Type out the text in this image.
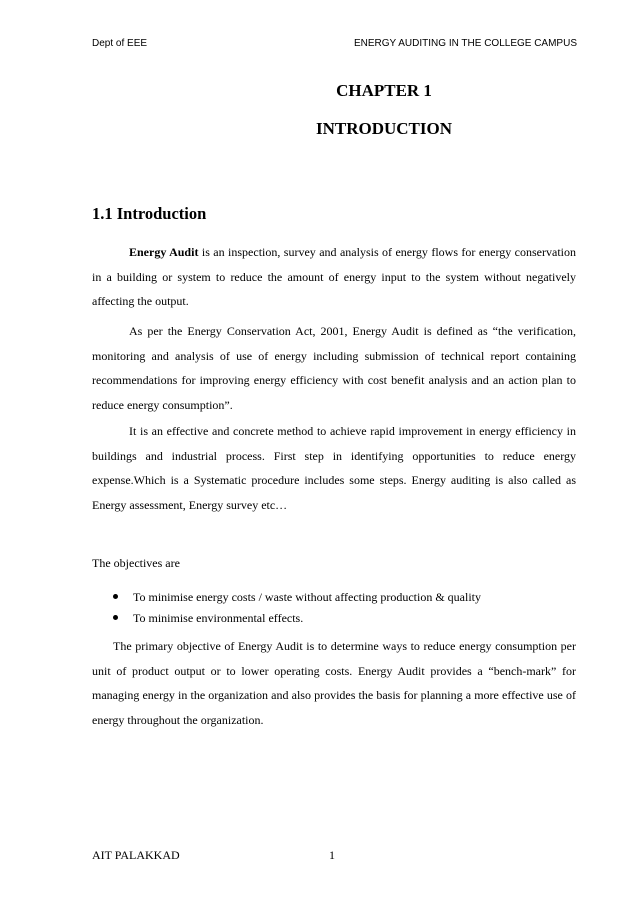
Dept of EEE	ENERGY AUDITING IN THE COLLEGE CAMPUS
CHAPTER 1
INTRODUCTION
1.1 Introduction

Energy Audit is an inspection, survey and analysis of energy flows for energy conservation in a building or system to reduce the amount of energy input to the system without negatively affecting the output.

As per the Energy Conservation Act, 2001, Energy Audit is defined as “the verification, monitoring and analysis of use of energy including submission of technical report containing recommendations for improving energy efficiency with cost benefit analysis and an action plan to reduce energy consumption”.

It is an effective and concrete method to achieve rapid improvement in energy efficiency in buildings and industrial process. First step in identifying opportunities to reduce energy expense.Which is a Systematic procedure includes some steps. Energy auditing is also called as Energy assessment, Energy survey etc…

The objectives are
To minimise energy costs / waste without affecting production & quality
To minimise environmental effects.

The primary objective of Energy Audit is to determine ways to reduce energy consumption per unit of product output or to lower operating costs. Energy Audit provides a “bench-mark” for managing energy in the organization and also provides the basis for planning a more effective use of energy throughout the organization.

AIT PALAKKAD	1
